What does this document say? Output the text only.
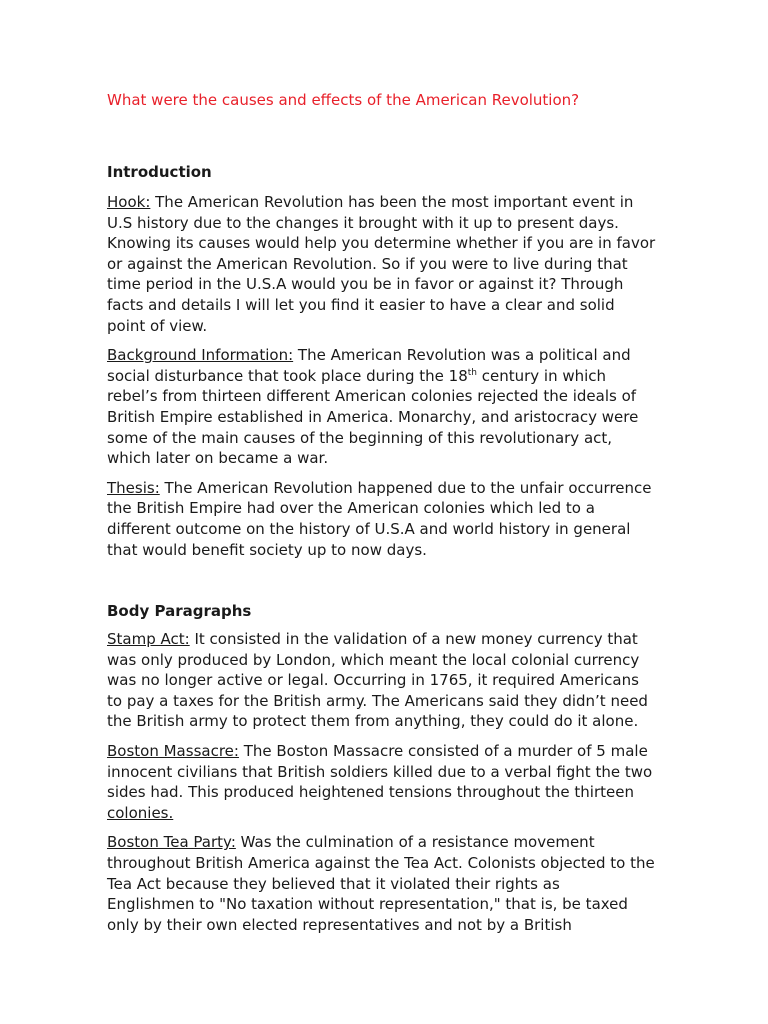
What were the causes and effects of the American Revolution?
Introduction

Hook: The American Revolution has been the most important event in
U.S history due to the changes it brought with it up to present days.
Knowing its causes would help you determine whether if you are in favor
or against the American Revolution. So if you were to live during that
time period in the U.S.A would you be in favor or against it? Through
facts and details I will let you find it easier to have a clear and solid
point of view.

Background Information: The American Revolution was a political and
social disturbance that took place during the 18th century in which
rebel’s from thirteen different American colonies rejected the ideals of
British Empire established in America. Monarchy, and aristocracy were
some of the main causes of the beginning of this revolutionary act,
which later on became a war.

Thesis: The American Revolution happened due to the unfair occurrence
the British Empire had over the American colonies which led to a
different outcome on the history of U.S.A and world history in general
that would benefit society up to now days.

Body Paragraphs

Stamp Act: It consisted in the validation of a new money currency that
was only produced by London, which meant the local colonial currency
was no longer active or legal. Occurring in 1765, it required Americans
to pay a taxes for the British army. The Americans said they didn’t need
the British army to protect them from anything, they could do it alone.

Boston Massacre: The Boston Massacre consisted of a murder of 5 male
innocent civilians that British soldiers killed due to a verbal fight the two
sides had. This produced heightened tensions throughout the thirteen
colonies.

Boston Tea Party: Was the culmination of a resistance movement
throughout British America against the Tea Act. Colonists objected to the
Tea Act because they believed that it violated their rights as
Englishmen to "No taxation without representation," that is, be taxed
only by their own elected representatives and not by a British
